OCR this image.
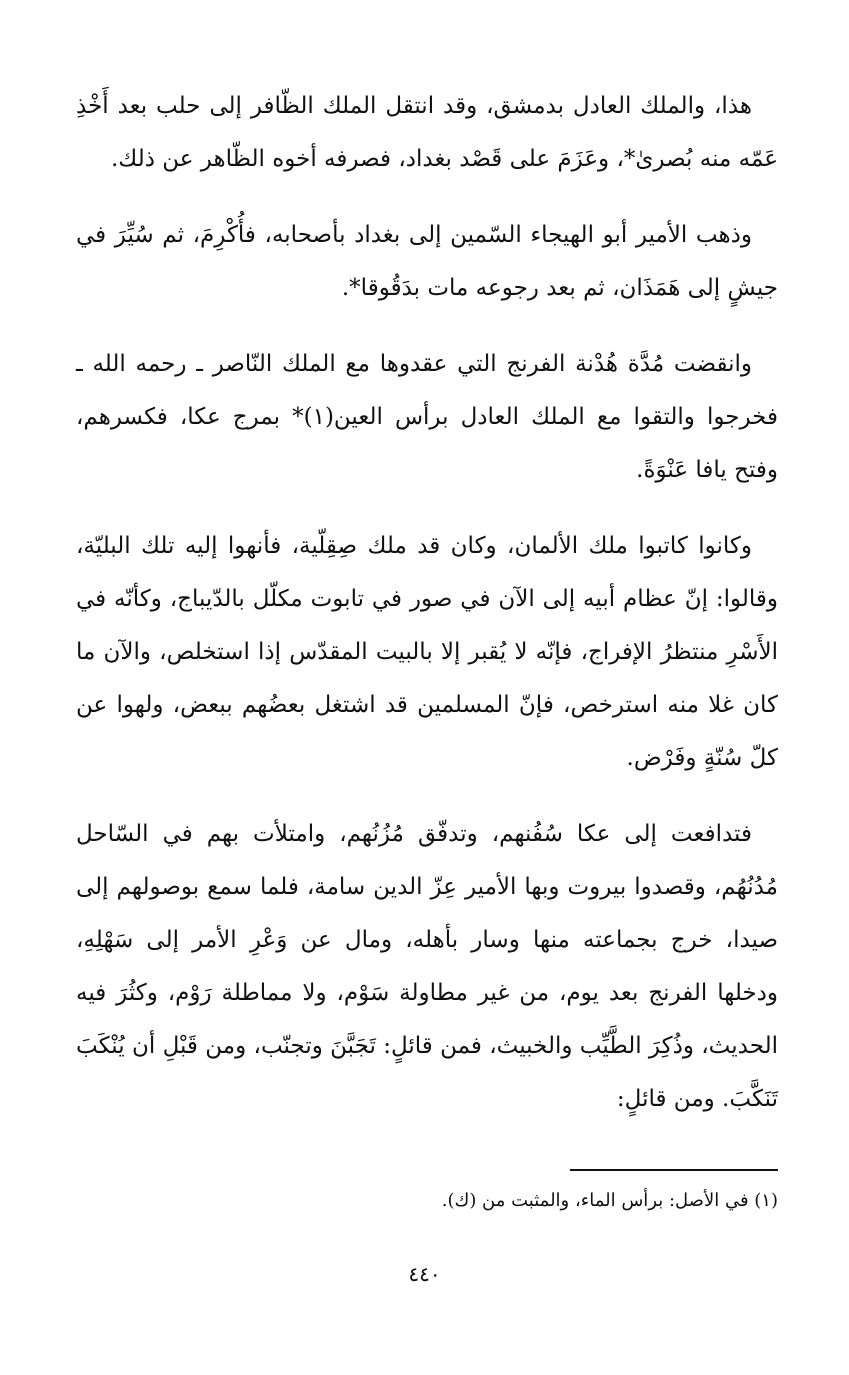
هذا، والملك العادل بدمشق، وقد انتقل الملك الظّافر إلى حلب بعد أَخْذِ عَمّه منه بُصرىٰ*، وعَزَمَ على قَصْد بغداد، فصرفه أخوه الظّاهر عن ذلك.

وذهب الأمير أبو الهيجاء السّمين إلى بغداد بأصحابه، فأُكْرِمَ، ثم سُيِّرَ في جيشٍ إلى هَمَذَان، ثم بعد رجوعه مات بدَقُوقا*.

وانقضت مُدَّة هُدْنة الفرنج التي عقدوها مع الملك النّاصر ـ رحمه الله ـ فخرجوا والتقوا مع الملك العادل برأس العين(١)* بمرج عكا، فكسرهم، وفتح يافا عَنْوَةً.

وكانوا كاتبوا ملك الألمان، وكان قد ملك صِقِلّية، فأنهوا إليه تلك البليّة، وقالوا: إنّ عظام أبيه إلى الآن في صور في تابوت مكلّل بالدّيباج، وكأنّه في الأَسْرِ منتظرُ الإفراج، فإنّه لا يُقبر إلا بالبيت المقدّس إذا استخلص، والآن ما كان غلا منه استرخص، فإنّ المسلمين قد اشتغل بعضُهم ببعض، ولهوا عن كلّ سُنّةٍ وفَرْض.

فتدافعت إلى عكا سُفُنهم، وتدفّق مُزُنُهم، وامتلأت بهم في السّاحل مُدُنُهُم، وقصدوا بيروت وبها الأمير عِزّ الدين سامة، فلما سمع بوصولهم إلى صيدا، خرج بجماعته منها وسار بأهله، ومال عن وَعْرِ الأمر إلى سَهْلِهِ، ودخلها الفرنج بعد يوم، من غير مطاولة سَوْم، ولا مماطلة رَوْم، وكثُرَ فيه الحديث، وذُكِرَ الطَّيِّب والخبيث، فمن قائلٍ: تَجَبَّنَ وتجنّب، ومن قَبْلِ أن يُنْكَبَ تَنَكَّبَ. ومن قائلٍ:

(١) في الأصل: برأس الماء، والمثبت من (ك).
٤٤٠
